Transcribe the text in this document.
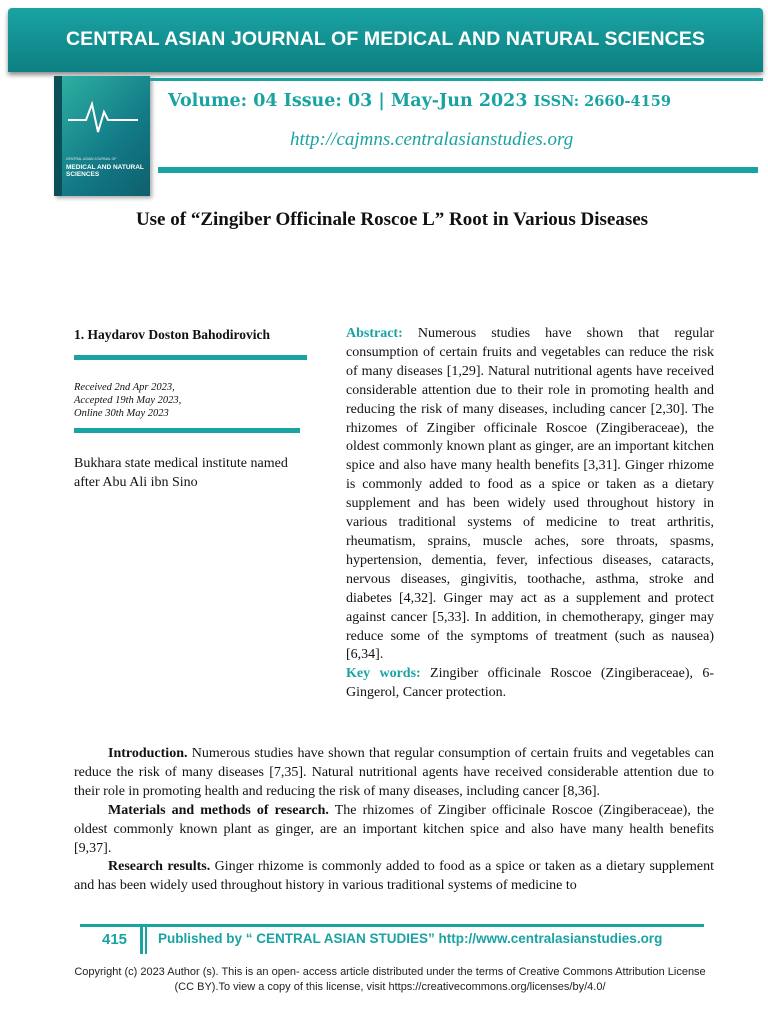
CENTRAL ASIAN JOURNAL OF MEDICAL AND NATURAL SCIENCES
CENTRAL ASIAN JOURNAL OF
MEDICAL AND NATURAL SCIENCES
Volume: 04 Issue: 03 | May-Jun 2023 ISSN: 2660-4159
http://cajmns.centralasianstudies.org
Use of “Zingiber Officinale Roscoe L” Root in Various Diseases
1. Haydarov Doston Bahodirovich
Received 2nd Apr 2023,
Accepted 19th May 2023,
Online 30th May 2023
Bukhara state medical institute named after Abu Ali ibn Sino
Abstract: Numerous studies have shown that regular consumption of certain fruits and vegetables can reduce the risk of many diseases [1,29]. Natural nutritional agents have received considerable attention due to their role in promoting health and reducing the risk of many diseases, including cancer [2,30]. The rhizomes of Zingiber officinale Roscoe (Zingiberaceae), the oldest commonly known plant as ginger, are an important kitchen spice and also have many health benefits [3,31]. Ginger rhizome is commonly added to food as a spice or taken as a dietary supplement and has been widely used throughout history in various traditional systems of medicine to treat arthritis, rheumatism, sprains, muscle aches, sore throats, spasms, hypertension, dementia, fever, infectious diseases, cataracts, nervous diseases, gingivitis, toothache, asthma, stroke and diabetes [4,32]. Ginger may act as a supplement and protect against cancer [5,33]. In addition, in chemotherapy, ginger may reduce some of the symptoms of treatment (such as nausea) [6,34].
Key words: Zingiber officinale Roscoe (Zingiberaceae), 6-Gingerol, Cancer protection.

Introduction. Numerous studies have shown that regular consumption of certain fruits and vegetables can reduce the risk of many diseases [7,35]. Natural nutritional agents have received considerable attention due to their role in promoting health and reducing the risk of many diseases, including cancer [8,36].

Materials and methods of research. The rhizomes of Zingiber officinale Roscoe (Zingiberaceae), the oldest commonly known plant as ginger, are an important kitchen spice and also have many health benefits [9,37].

Research results. Ginger rhizome is commonly added to food as a spice or taken as a dietary supplement and has been widely used throughout history in various traditional systems of medicine to

415 Published by “ CENTRAL ASIAN STUDIES” http://www.centralasianstudies.org
Copyright (c) 2023 Author (s). This is an open- access article distributed under the terms of Creative Commons Attribution License (CC BY).To view a copy of this license, visit https://creativecommons.org/licenses/by/4.0/
